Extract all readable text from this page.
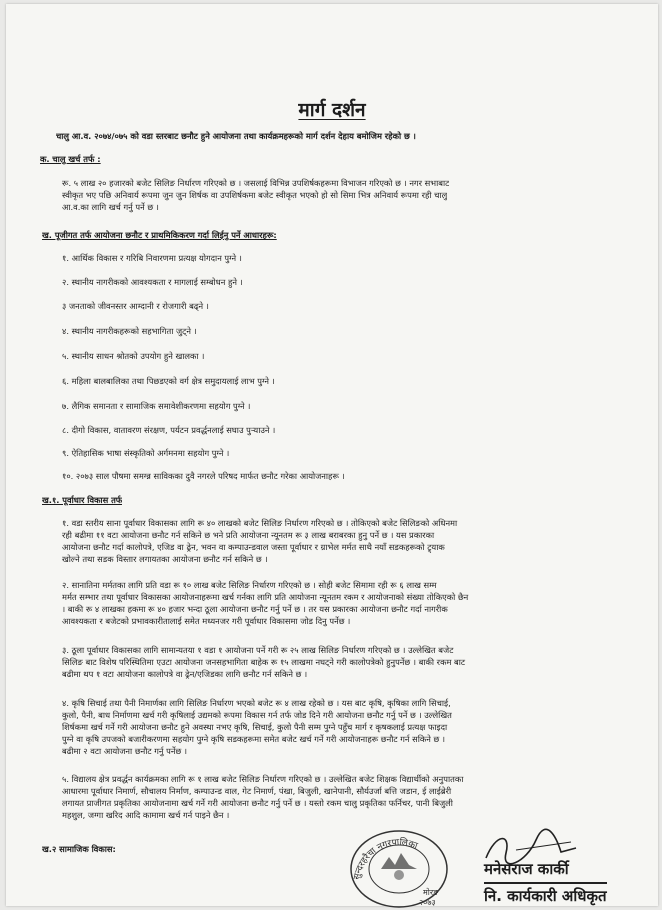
मार्ग दर्शन
चालु आ.व. २०७४/०७५ को वडा स्तरबाट छनौट हुने आयोजना तथा कार्यक्रमहरूको मार्ग दर्शन देहाय बमोजिम रहेको छ ।
क. चालु खर्च तर्फ :
रू. ५ लाख २० हजारको बजेट सिलिङ निर्धारण गरिएको छ । जसलाई विभिन्न उपशिर्षकहरूमा विभाजन गरिएको छ । नगर सभाबाट
स्वीकृत भए पछि अनिवार्य रूपमा जुन जुन शिर्षक वा उपशिर्षकमा बजेट स्वीकृत भएको हो सो सिमा भित्र अनिवार्य रूपमा रही चालु
आ.व.का लागि खर्च गर्नु पर्ने छ ।
ख. पूजीगत तर्फ आयोजना छनौट र प्राथमिकिकरण गर्दा लिईनु पर्ने आधारहरू:
१. आर्थिक विकास र गरिबि निवारणमा प्रत्यक्ष योगदान पुग्ने ।
२. स्थानीय नागरीकको आवश्यकता र मागलाई सम्बोधन हुने ।
३ जनताको जीवनस्तर आम्दानी र रोजगारी बढ्ने ।
४. स्थानीय नागरीकहरूको सहभागिता जुट्ने ।
५. स्थानीय साधन श्रोतको उपयोग हुने खालका ।
६. महिला बालबालिका तथा पिछडएको वर्ग क्षेत्र समुदायलाई लाभ पुग्ने ।
७. लैगिक समानता र सामाजिक समावेशीकरणमा सहयोग पुग्ने ।
८. दीगो विकास, वातावरण संरक्षण, पर्यटन प्रवर्द्धनलाई सघाउ पुऱ्याउने ।
९. ऐतिहासिक भाषा संस्कृतिको अर्गमनमा सहयोग पुग्ने ।
१०. २०७३ साल पौषमा समग्न्न साविकका दुवै नगरले परिषद मार्फत छनौट गरेका आयोजनाहरू ।
ख.१. पूर्वाधार विकास तर्फ
१. वडा स्तरीय साना पूर्वाधार विकासका लागि रू ४० लाखको बजेट सिलिङ निर्धारण गरिएको छ । तोकिएको बजेट सिलिङको अधिनमा
रही बढीमा ११ वटा आयोजना छनौट गर्न सकिने छ भने प्रति आयोजना न्यूनतम रू ३ लाख बराबरका हुनु पर्ने छ । यस प्रकारका
आयोजना छनौट गर्दा कालोपत्रे, एजिड वा ढ्रेन, भवन वा कम्पाउन्डवाल जस्ता पूर्वाधार र ग्राभेल मर्मत साथै नयाँ सडकहरूको ट्र्याक
खोल्ने तथा सडक विस्तार लगायतका आयोजना छनौट गर्न सकिने छ ।
२. सानातिना मर्मतका लागि प्रति वडा रू १० लाख बजेट सिलिङ निर्धारण गरिएको छ । सोही बजेट सिमामा रही रू ६ लाख सम्म
मर्मत सम्भार तथा पूर्वाधार विकासका आयोजनाहरूमा खर्च गर्नका लागि प्रति आयोजना न्यूनतम रकम र आयोजनाको संख्या तोकिएको छैन
। बाकी रू ४ लाखका हकमा रू ४० हजार भन्दा ठूला आयोजना छनौट गर्नु पर्ने छ । तर यस प्रकारका आयोजना छनौट गर्दा नागरीक
आवश्यकता र बजेटको प्रभावकारीतालाई समेत मध्यनजर गरी पूर्वाधार विकासमा जोड दिनु पर्नेछ ।
३. ठूला पूर्वाधार विकासका लागि सामान्यतया १ वडा १ आयोजना पर्ने गरी रू २५ लाख सिलिङ निर्धारण गरिएको छ । उल्लेखित बजेट
सिलिङ बाट विशेष परिस्थितिमा एउटा आयोजना जनसहभागिता बाहेक रू १५ लाखमा नघट्ने गरी कालोपत्रेको हुनुपर्नेछ । बाकी रकम बाट
बढीमा थप १ वटा आयोजना कालोपत्रे वा ढ्रेन/एजिडका लागि छनौट गर्न सकिने छ ।
४. कृषि सिचाई तथा पैनी निमार्णका लागि सिलिङ निर्धारण भएको बजेट रू ४ लाख रहेको छ । यस बाट कृषि, कृषिका लागि सिचाई,
कुलो, पैनी, बाध निर्माणमा खर्च गरी कृषिलाई उद्यमको रूपमा विकास गर्न तर्फ जोड दिने गरी आयोजना छनौट गर्नु पर्ने छ । उल्लेखित
शिर्षकमा खर्च गर्ने गरी आयोजना छनौट हुने अवस्था नभए कृषि, सिचाई, कुलो पैनी सम्म पुग्ने पहुँच मार्ग र कृषकलाई प्रत्यक्ष फाइदा
पुग्ने वा कृषि उपजको बजारीकरणमा सहयोग पुग्ने कृषि सडकहरूमा समेत बजेट खर्च गर्ने गरी आयोजनाहरू छनौट गर्न सकिने छ ।
बढीमा २ वटा आयोजना छनौट गर्नु पर्नेछ ।
५. विद्यालय क्षेत्र प्रवर्द्धन कार्यक्रमका लागि रू १ लाख बजेट सिलिङ निर्धारण गरिएको छ । उल्लेखित बजेट शिक्षक विद्यार्थीको अनुपातका
आधारमा पूर्वाधार निमार्ण, सौचालय निर्माण, कम्पाउन्ड वाल, गेट निमार्ण, पंखा, बिजुली, खानेपानी, सौर्यउर्जा बत्ति जडान, ई लाईब्रेरी
लगायत प्राजीगत प्रकृतिका आयोजनामा खर्च गर्ने गरी आयोजना छनौट गर्नु पर्ने छ । यस्तो रकम चालु प्रकृतिका फर्निचर, पानी बिजुली
महशुल, जग्गा खरिद आदि कामामा खर्च गर्न पाइने छैन ।
ख.२ सामाजिक विकास:
सुन्दरहरैचा नगरपालिका
मोरङ
२०७३
मनेसराज कार्की
नि. कार्यकारी अधिकृत
